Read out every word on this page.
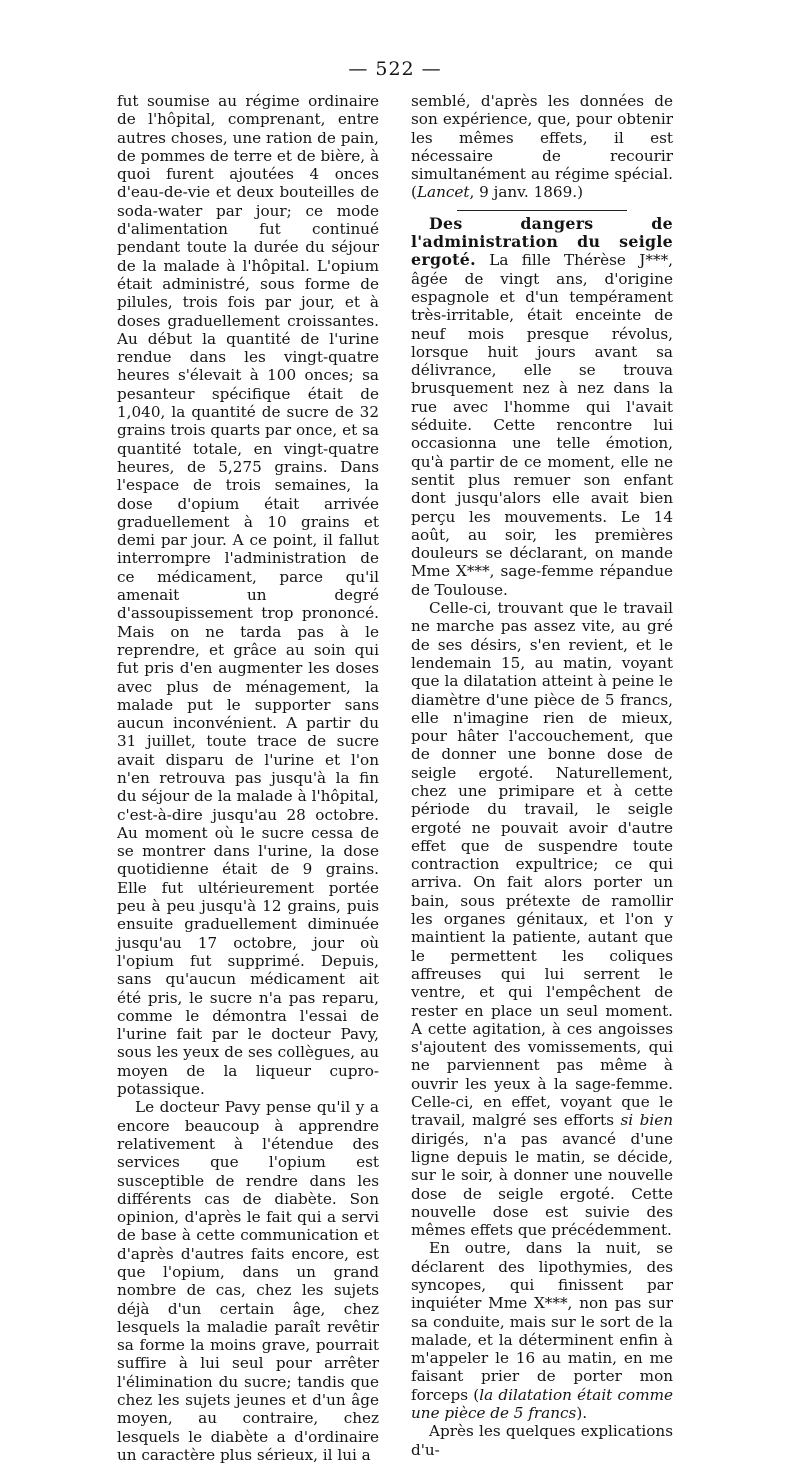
— 522 —

fut soumise au régime ordinaire de l'hôpital, comprenant, entre autres choses, une ration de pain, de pommes de terre et de bière, à quoi furent ajoutées 4 onces d'eau-de-vie et deux bouteilles de soda-water par jour; ce mode d'alimentation fut continué pendant toute la durée du séjour de la malade à l'hôpital. L'opium était administré, sous forme de pilules, trois fois par jour, et à doses graduellement croissantes. Au début la quantité de l'urine rendue dans les vingt-quatre heures s'élevait à 100 onces; sa pesanteur spécifique était de 1,040, la quantité de sucre de 32 grains trois quarts par once, et sa quantité totale, en vingt-quatre heures, de 5,275 grains. Dans l'espace de trois semaines, la dose d'opium était arrivée graduellement à 10 grains et demi par jour. A ce point, il fallut interrompre l'administration de ce médicament, parce qu'il amenait un degré d'assoupissement trop prononcé. Mais on ne tarda pas à le reprendre, et grâce au soin qui fut pris d'en augmenter les doses avec plus de ménagement, la malade put le supporter sans aucun inconvénient. A partir du 31 juillet, toute trace de sucre avait disparu de l'urine et l'on n'en retrouva pas jusqu'à la fin du séjour de la malade à l'hôpital, c'est-à-dire jusqu'au 28 octobre. Au moment où le sucre cessa de se montrer dans l'urine, la dose quotidienne était de 9 grains. Elle fut ultérieurement portée peu à peu jusqu'à 12 grains, puis ensuite graduellement diminuée jusqu'au 17 octobre, jour où l'opium fut supprimé. Depuis, sans qu'aucun médicament ait été pris, le sucre n'a pas reparu, comme le démontra l'essai de l'urine fait par le docteur Pavy, sous les yeux de ses collègues, au moyen de la liqueur cupro-potassique.

Le docteur Pavy pense qu'il y a encore beaucoup à apprendre relativement à l'étendue des services que l'opium est susceptible de rendre dans les différents cas de diabète. Son opinion, d'après le fait qui a servi de base à cette communication et d'après d'autres faits encore, est que l'opium, dans un grand nombre de cas, chez les sujets déjà d'un certain âge, chez lesquels la maladie paraît revêtir sa forme la moins grave, pourrait suffire à lui seul pour arrêter l'élimination du sucre; tandis que chez les sujets jeunes et d'un âge moyen, au contraire, chez lesquels le diabète a d'ordinaire un caractère plus sérieux, il lui a

semblé, d'après les données de son expérience, que, pour obtenir les mêmes effets, il est nécessaire de recourir simultanément au régime spécial. (Lancet, 9 janv. 1869.)

Des dangers de l'administration du seigle ergoté. La fille Thérèse J***, âgée de vingt ans, d'origine espagnole et d'un tempérament très-irritable, était enceinte de neuf mois presque révolus, lorsque huit jours avant sa délivrance, elle se trouva brusquement nez à nez dans la rue avec l'homme qui l'avait séduite. Cette rencontre lui occasionna une telle émotion, qu'à partir de ce moment, elle ne sentit plus remuer son enfant dont jusqu'alors elle avait bien perçu les mouvements. Le 14 août, au soir, les premières douleurs se déclarant, on mande Mme X***, sage-femme répandue de Toulouse.

Celle-ci, trouvant que le travail ne marche pas assez vite, au gré de ses désirs, s'en revient, et le lendemain 15, au matin, voyant que la dilatation atteint à peine le diamètre d'une pièce de 5 francs, elle n'imagine rien de mieux, pour hâter l'accouchement, que de donner une bonne dose de seigle ergoté. Naturellement, chez une primipare et à cette période du travail, le seigle ergoté ne pouvait avoir d'autre effet que de suspendre toute contraction expultrice; ce qui arriva. On fait alors porter un bain, sous prétexte de ramollir les organes génitaux, et l'on y maintient la patiente, autant que le permettent les coliques affreuses qui lui serrent le ventre, et qui l'empêchent de rester en place un seul moment. A cette agitation, à ces angoisses s'ajoutent des vomissements, qui ne parviennent pas même à ouvrir les yeux à la sage-femme. Celle-ci, en effet, voyant que le travail, malgré ses efforts si bien dirigés, n'a pas avancé d'une ligne depuis le matin, se décide, sur le soir, à donner une nouvelle dose de seigle ergoté. Cette nouvelle dose est suivie des mêmes effets que précédemment.

En outre, dans la nuit, se déclarent des lipothymies, des syncopes, qui finissent par inquiéter Mme X***, non pas sur sa conduite, mais sur le sort de la malade, et la déterminent enfin à m'appeler le 16 au matin, en me faisant prier de porter mon forceps (la dilatation était comme une pièce de 5 francs).

Après les quelques explications d'u-
